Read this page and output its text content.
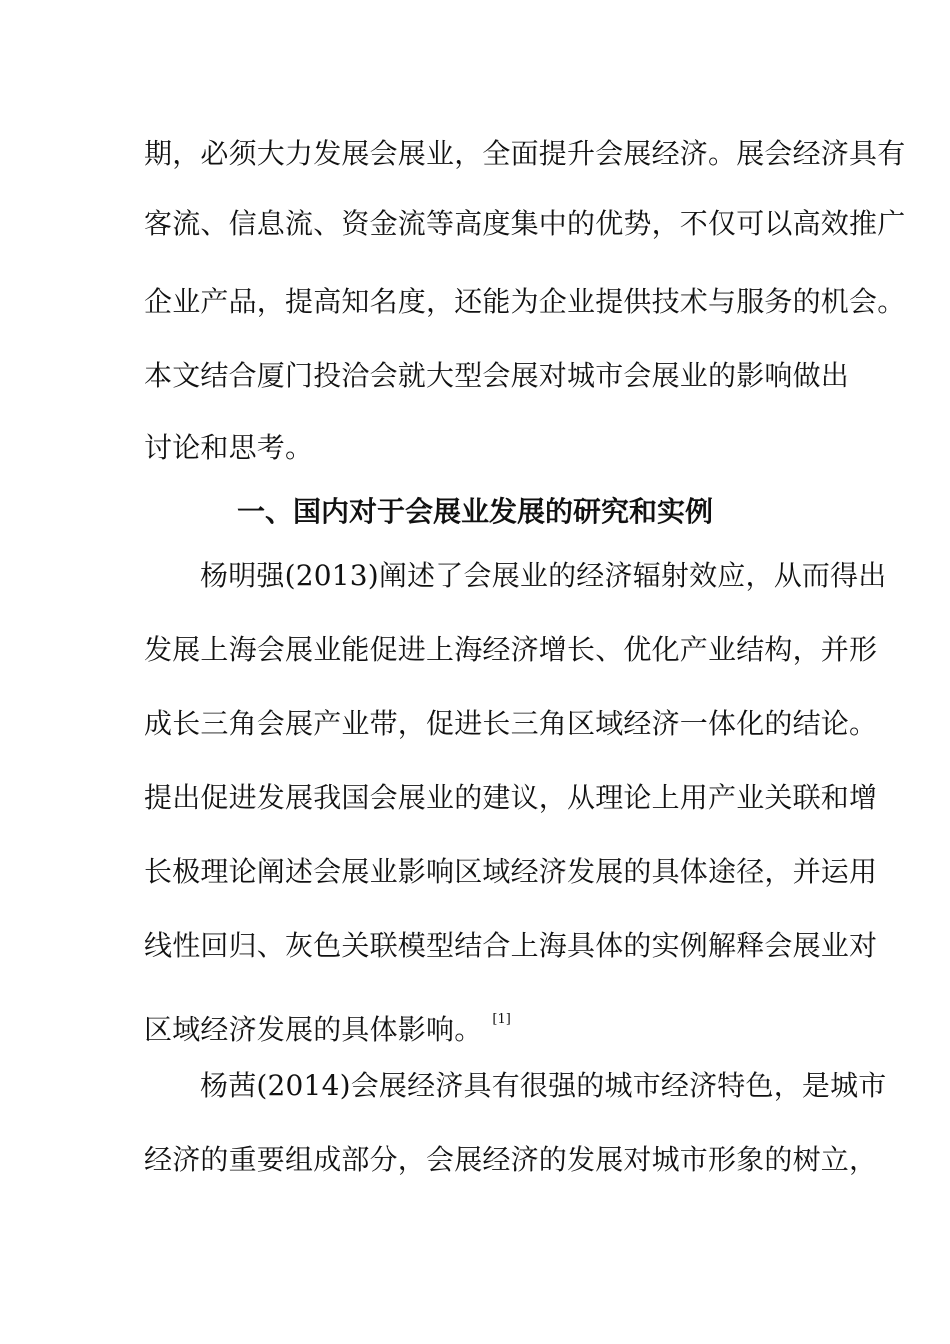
期，必须大力发展会展业，全面提升会展经济。展会经济具有
客流、信息流、资金流等高度集中的优势，不仅可以高效推广
企业产品，提高知名度，还能为企业提供技术与服务的机会。
本文结合厦门投洽会就大型会展对城市会展业的影响做出
讨论和思考。
一、国内对于会展业发展的研究和实例
杨明强(2013)阐述了会展业的经济辐射效应，从而得出
发展上海会展业能促进上海经济增长、优化产业结构，并形
成长三角会展产业带，促进长三角区域经济一体化的结论。
提出促进发展我国会展业的建议，从理论上用产业关联和增
长极理论阐述会展业影响区域经济发展的具体途径，并运用
线性回归、灰色关联模型结合上海具体的实例解释会展业对
区域经济发展的具体影响。 [1]
杨茜(2014)会展经济具有很强的城市经济特色，是城市
经济的重要组成部分，会展经济的发展对城市形象的树立，
